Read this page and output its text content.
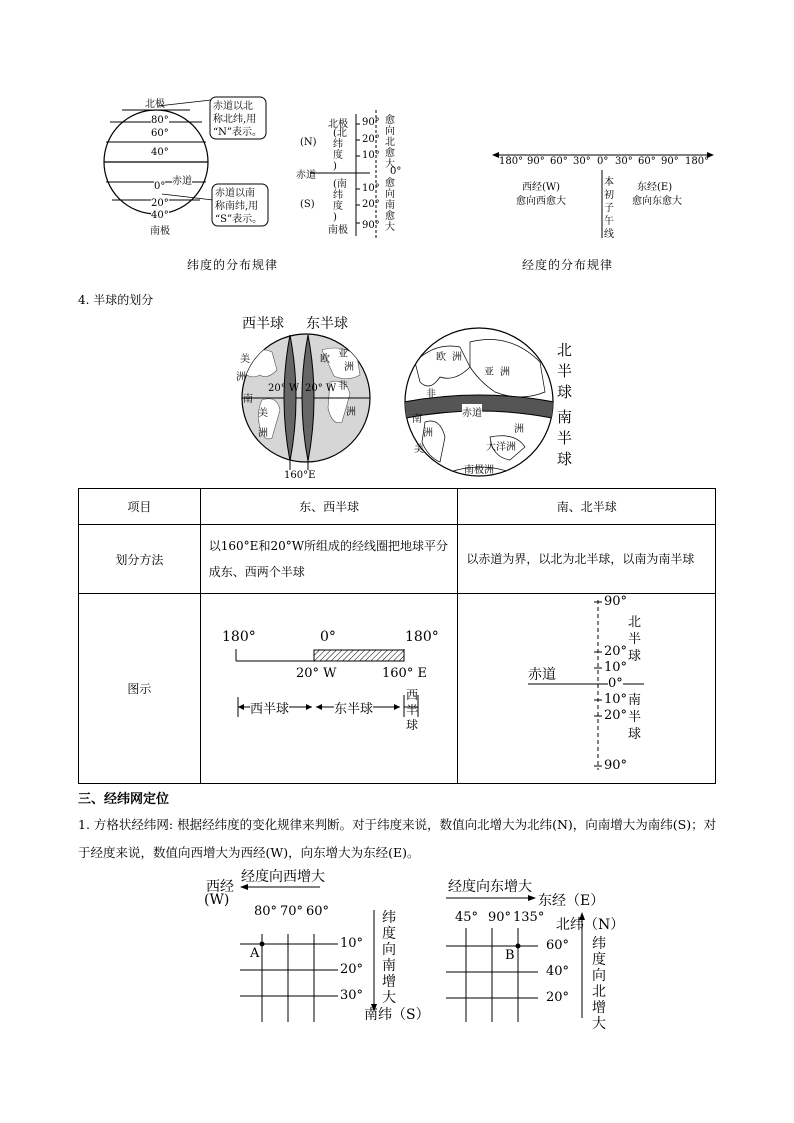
北极
80°
60°
40°
赤道
0°
20°
40°
南极
赤道以北
称北纬,用
“N”表示。
赤道以南
称南纬,用
“S”表示。
北极
(N)
(北
纬
度
)
赤道
(南
纬
度
)
南极
(S)
90°
20°
10°
0°
10°
20°
90°
愈
向
北
愈
大
愈
向
南
愈
大
纬度的分布规律
180° 90° 60° 30° 0° 30° 60° 90° 180°
西经(W)
愈向西愈大
本
初
子
午
线
东经(E)
愈向东愈大
经度的分布规律
4. 半球的划分
西半球 东半球
20° W 20° W
160°E
美
洲
南
美
洲
亚
洲
欧
非
洲
欧 洲
亚 洲
非
洲
大洋洲
南
美
洲
南极洲
赤道
北
半
球
南
半
球
项目	东、西半球	南、北半球
划分方法	以160°E和20°W所组成的经线圈把地球平分成东、西两个半球	以赤道为界，以北为北半球，以南为南半球
图示		
180°	0°	180°
20° W	160° E
西半球	东半球
西
半
球
赤道
90°
20°
10°
0°
10°
20°
90°
北
半
球
南
半
球
三、经纬网定位
1. 方格状经纬网: 根据经纬度的变化规律来判断。对于纬度来说，数值向北增大为北纬(N)，向南增大为南纬(S)；对于经度来说，数值向西增大为西经(W)，向东增大为东经(E)。
西经
(W)
经度向西增大
80° 70° 60°
10°
20°
30°
A
纬
度
向
南
增
大
南纬（S）
经度向东增大
东经（E）
45° 90° 135° 北纬（N）
60°
40°
20°
B
纬
度
向
北
增
大
